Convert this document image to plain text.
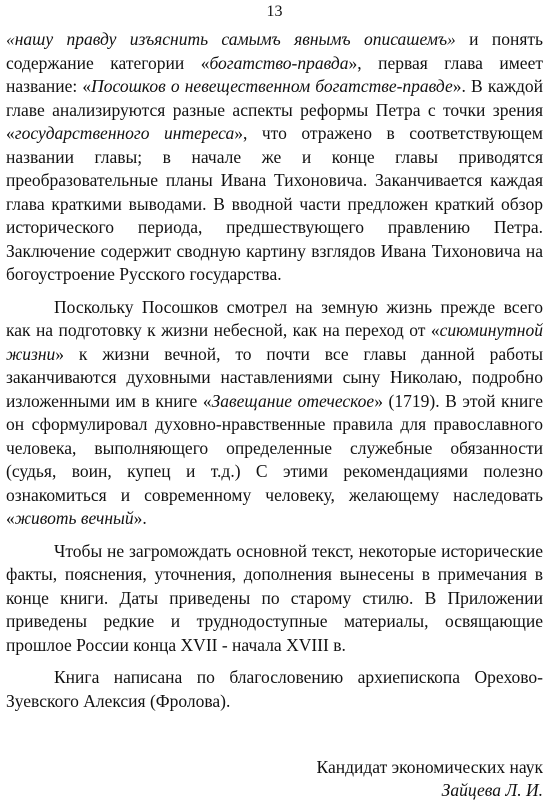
13

«нашу правду изъяснить самымъ явнымъ описашемъ» и понять содержание категории «богатство-правда», первая глава имеет название: «Посошков о невещественном богатстве-правде». В каждой главе анализируются разные аспекты реформы Петра с точки зрения «государственного интереса», что отражено в соответствующем названии главы; в начале же и конце главы приводятся преобразовательные планы Ивана Тихоновича. Заканчивается каждая глава краткими выводами. В вводной части предложен краткий обзор исторического периода, предшествующего правлению Петра. Заключение содержит сводную картину взглядов Ивана Тихоновича на богоустроение Русского государства.

Поскольку Посошков смотрел на земную жизнь прежде всего как на подготовку к жизни небесной, как на переход от «сиюминутной жизни» к жизни вечной, то почти все главы данной работы заканчиваются духовными наставлениями сыну Николаю, подробно изложенными им в книге «Завещание отеческое» (1719). В этой книге он сформулировал духовно-нравственные правила для православного человека, выполняющего определенные служебные обязанности (судья, воин, купец и т.д.) С этими рекомендациями полезно ознакомиться и современному человеку, желающему наследовать «животь вечный».

Чтобы не загромождать основной текст, некоторые исторические факты, пояснения, уточнения, дополнения вынесены в примечания в конце книги. Даты приведены по старому стилю. В Приложении приведены редкие и труднодоступные материалы, освящающие прошлое России конца XVII - начала XVIII в.

Книга написана по благословению архиепископа Орехово-Зуевского Алексия (Фролова).

Кандидат экономических наук
Зайцева Л. И.
